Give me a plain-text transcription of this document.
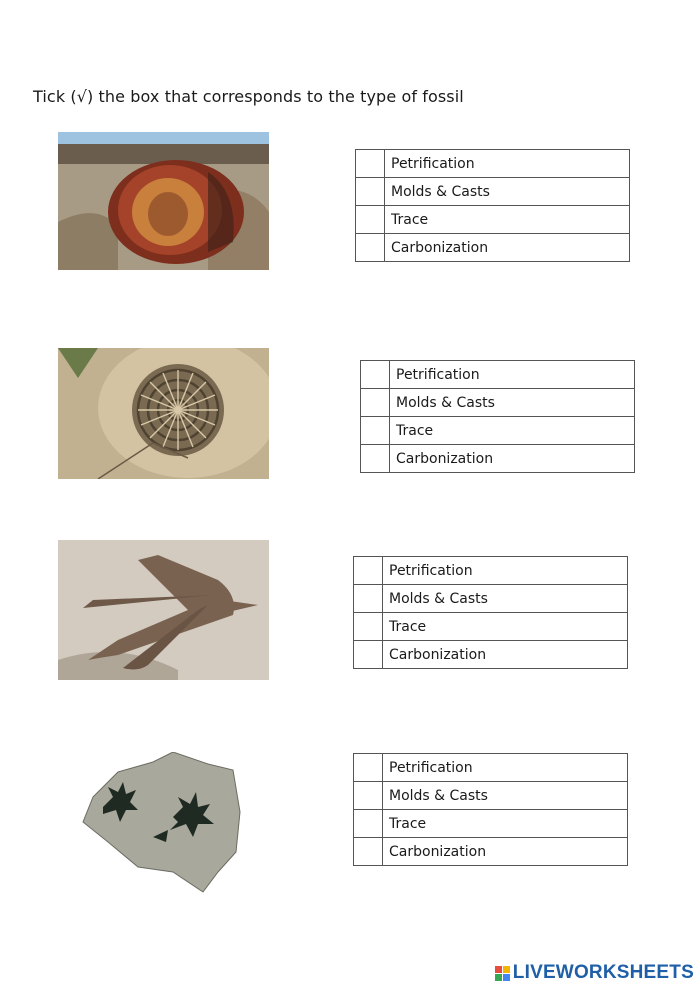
Tick (√) the box that corresponds to the type of fossil
	Petrification
	Molds & Casts
	Trace
	Carbonization
	Petrification
	Molds & Casts
	Trace
	Carbonization
	Petrification
	Molds & Casts
	Trace
	Carbonization
	Petrification
	Molds & Casts
	Trace
	Carbonization
LIVEWORKSHEETS
